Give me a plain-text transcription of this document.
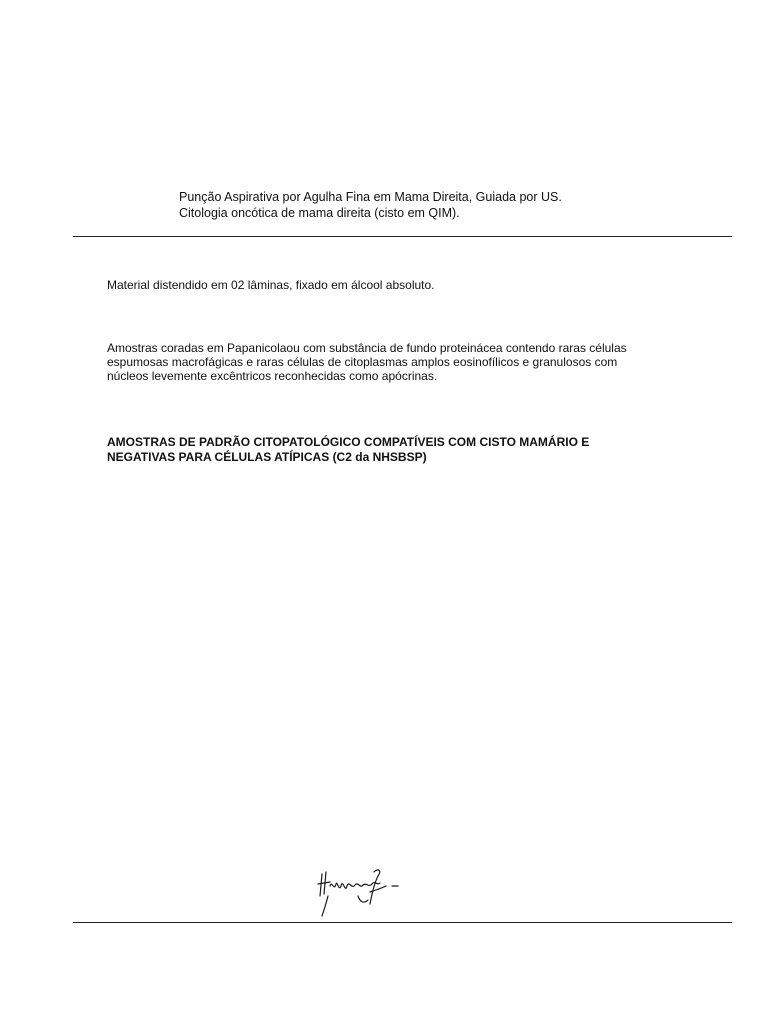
Punção Aspirativa por Agulha Fina em Mama Direita, Guiada por US.
Citologia oncótica de mama direita (cisto em QIM).
Material distendido em 02 lâminas, fixado em álcool absoluto.
Amostras coradas em Papanicolaou com substância de fundo proteinácea contendo raras células
espumosas macrofágicas e raras células de citoplasmas amplos eosinofílicos e granulosos com
núcleos levemente excêntricos reconhecidas como apócrinas.
AMOSTRAS DE PADRÃO CITOPATOLÓGICO COMPATÍVEIS COM CISTO MAMÁRIO E
NEGATIVAS PARA CÉLULAS ATÍPICAS (C2 da NHSBSP)
